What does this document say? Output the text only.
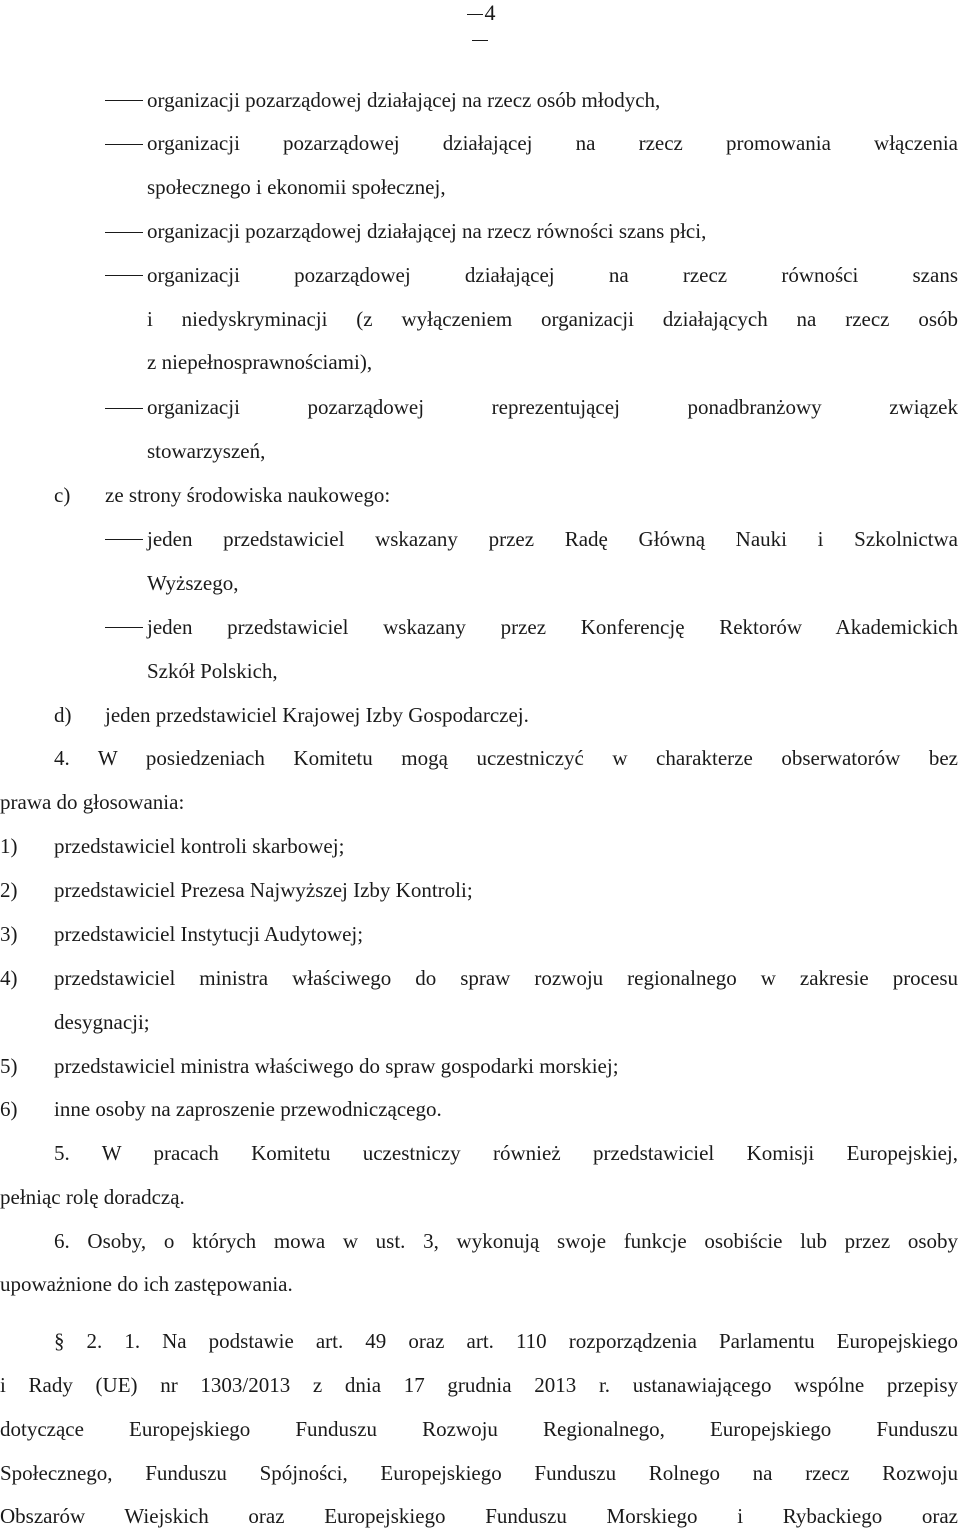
4
organizacji pozarządowej działającej na rzecz osób młodych,
organizacji pozarządowej działającej na rzecz promowania włączenia
społecznego i ekonomii społecznej,
organizacji pozarządowej działającej na rzecz równości szans płci,
organizacji pozarządowej działającej na rzecz równości szans
i niedyskryminacji (z wyłączeniem organizacji działających na rzecz osób
z niepełnosprawnościami),
organizacji pozarządowej reprezentującej ponadbranżowy związek
stowarzyszeń,
c) ze strony środowiska naukowego:
jeden przedstawiciel wskazany przez Radę Główną Nauki i Szkolnictwa
Wyższego,
jeden przedstawiciel wskazany przez Konferencję Rektorów Akademickich
Szkół Polskich,
d) jeden przedstawiciel Krajowej Izby Gospodarczej.
4. W posiedzeniach Komitetu mogą uczestniczyć w charakterze obserwatorów bez
prawa do głosowania:
1) przedstawiciel kontroli skarbowej;
2) przedstawiciel Prezesa Najwyższej Izby Kontroli;
3) przedstawiciel Instytucji Audytowej;
4) przedstawiciel ministra właściwego do spraw rozwoju regionalnego w zakresie procesu
desygnacji;
5) przedstawiciel ministra właściwego do spraw gospodarki morskiej;
6) inne osoby na zaproszenie przewodniczącego.
5. W pracach Komitetu uczestniczy również przedstawiciel Komisji Europejskiej,
pełniąc rolę doradczą.
6. Osoby, o których mowa w ust. 3, wykonują swoje funkcje osobiście lub przez osoby
upoważnione do ich zastępowania.
§ 2. 1. Na podstawie art. 49 oraz art. 110 rozporządzenia Parlamentu Europejskiego
i Rady (UE) nr 1303/2013 z dnia 17 grudnia 2013 r. ustanawiającego wspólne przepisy
dotyczące Europejskiego Funduszu Rozwoju Regionalnego, Europejskiego Funduszu
Społecznego, Funduszu Spójności, Europejskiego Funduszu Rolnego na rzecz Rozwoju
Obszarów Wiejskich oraz Europejskiego Funduszu Morskiego i Rybackiego oraz
